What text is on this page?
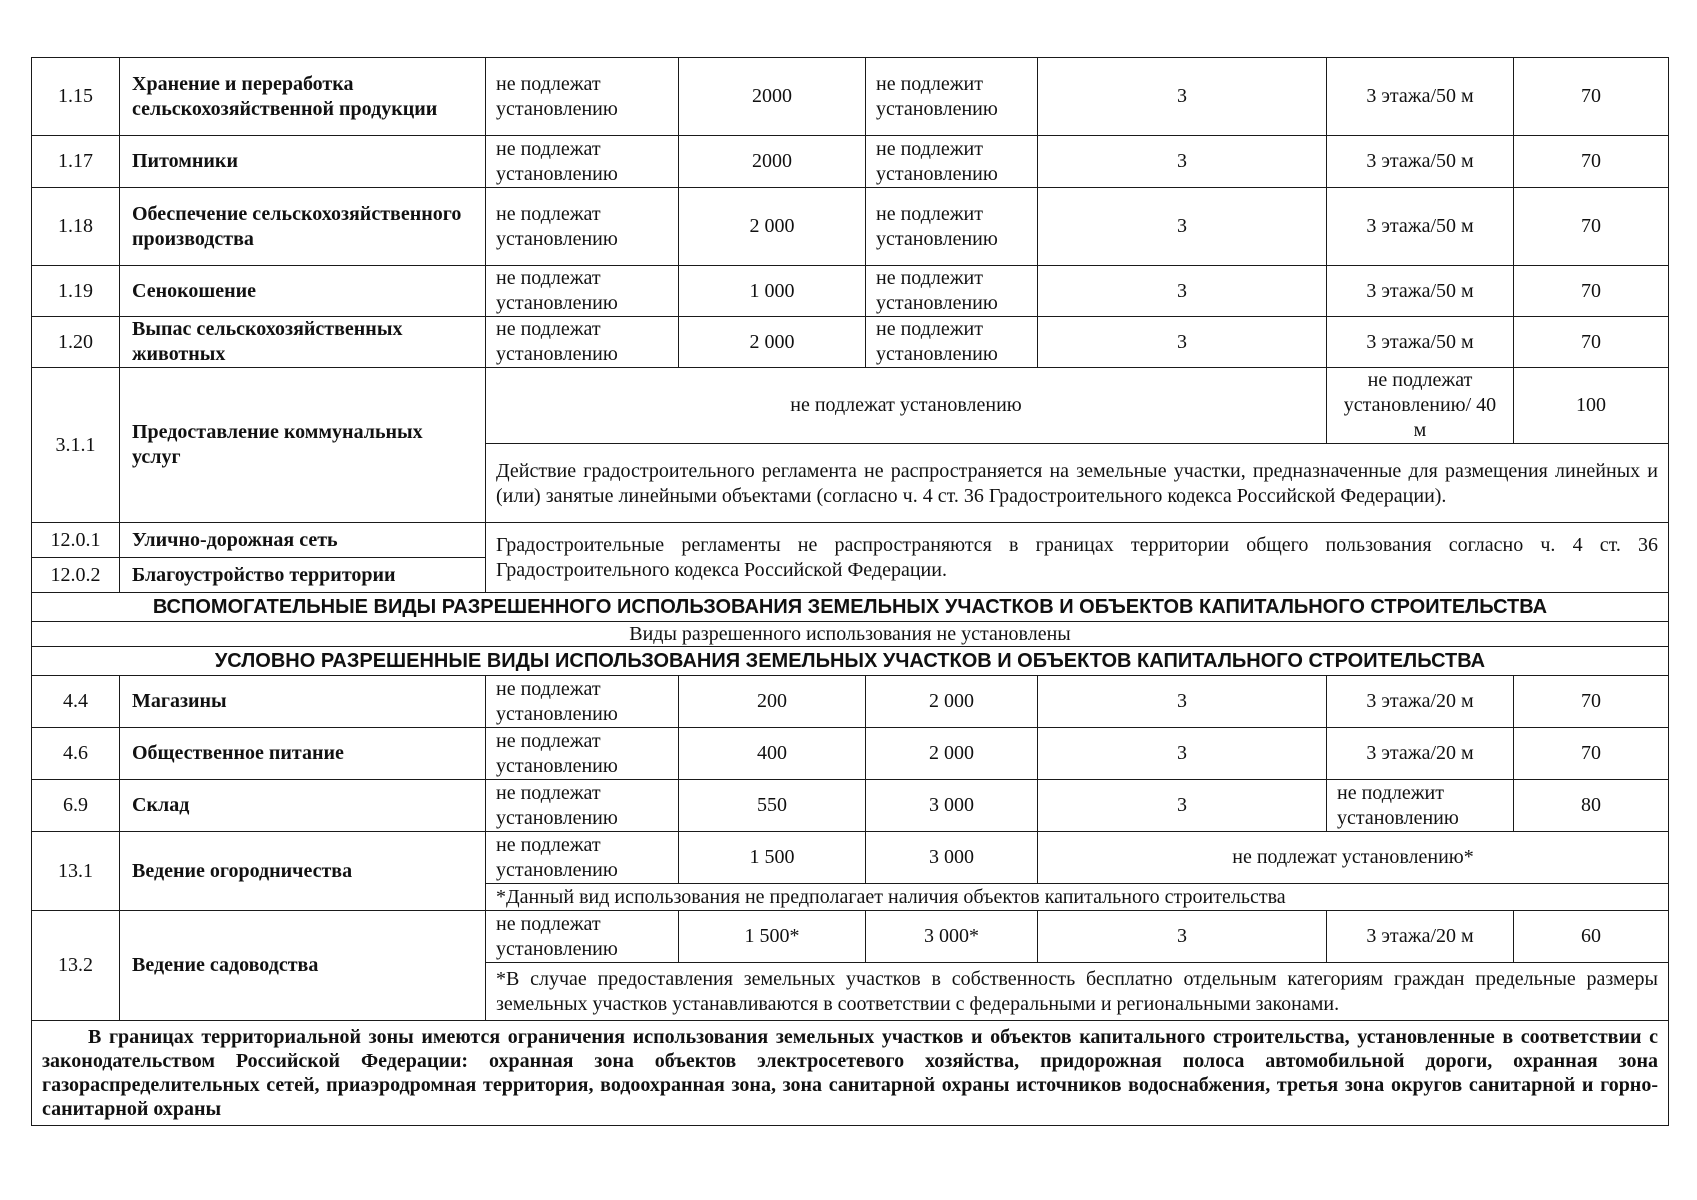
1.15	Хранение и переработка сельскохозяйственной продукции	не подлежат установлению	2000	не подлежит установлению	3	3 этажа/50 м	70
1.17	Питомники	не подлежат установлению	2000	не подлежит установлению	3	3 этажа/50 м	70
1.18	Обеспечение сельскохозяйственного производства	не подлежат установлению	2 000	не подлежит установлению	3	3 этажа/50 м	70
1.19	Сенокошение	не подлежат установлению	1 000	не подлежит установлению	3	3 этажа/50 м	70
1.20	Выпас сельскохозяйственных животных	не подлежат установлению	2 000	не подлежит установлению	3	3 этажа/50 м	70
3.1.1	Предоставление коммунальных услуг	не подлежат установлению				не подлежат установлению/ 40 м	100
		Действие градостроительного регламента не распространяется на земельные участки, предназначенные для размещения линейных и (или) занятые линейными объектами (согласно ч. 4 ст. 36 Градостроительного кодекса Российской Федерации).					
12.0.1	Улично-дорожная сеть	Градостроительные регламенты не распространяются в границах территории общего пользования согласно ч. 4 ст. 36 Градостроительного кодекса Российской Федерации.					
12.0.2	Благоустройство территории						
ВСПОМОГАТЕЛЬНЫЕ ВИДЫ РАЗРЕШЕННОГО ИСПОЛЬЗОВАНИЯ ЗЕМЕЛЬНЫХ УЧАСТКОВ И ОБЪЕКТОВ КАПИТАЛЬНОГО СТРОИТЕЛЬСТВА							
Виды разрешенного использования не установлены							
УСЛОВНО РАЗРЕШЕННЫЕ ВИДЫ ИСПОЛЬЗОВАНИЯ ЗЕМЕЛЬНЫХ УЧАСТКОВ И ОБЪЕКТОВ КАПИТАЛЬНОГО СТРОИТЕЛЬСТВА							
4.4	Магазины	не подлежат установлению	200	2 000	3	3 этажа/20 м	70
4.6	Общественное питание	не подлежат установлению	400	2 000	3	3 этажа/20 м	70
6.9	Склад	не подлежат установлению	550	3 000	3	не подлежит установлению	80
13.1	Ведение огородничества	не подлежат установлению	1 500	3 000	не подлежат установлению*		
		*Данный вид использования не предполагает наличия объектов капитального строительства					
13.2	Ведение садоводства	не подлежат установлению	1 500*	3 000*	3	3 этажа/20 м	60
		*В случае предоставления земельных участков в собственность бесплатно отдельным категориям граждан предельные размеры земельных участков устанавливаются в соответствии с федеральными и региональными законами.					
В границах территориальной зоны имеются ограничения использования земельных участков и объектов капитального строительства, установленные в соответствии с законодательством Российской Федерации: охранная зона объектов электросетевого хозяйства, придорожная полоса автомобильной дороги, охранная зона газораспределительных сетей, приаэродромная территория, водоохранная зона, зона санитарной охраны источников водоснабжения, третья зона округов санитарной и горно-санитарной охраны							
